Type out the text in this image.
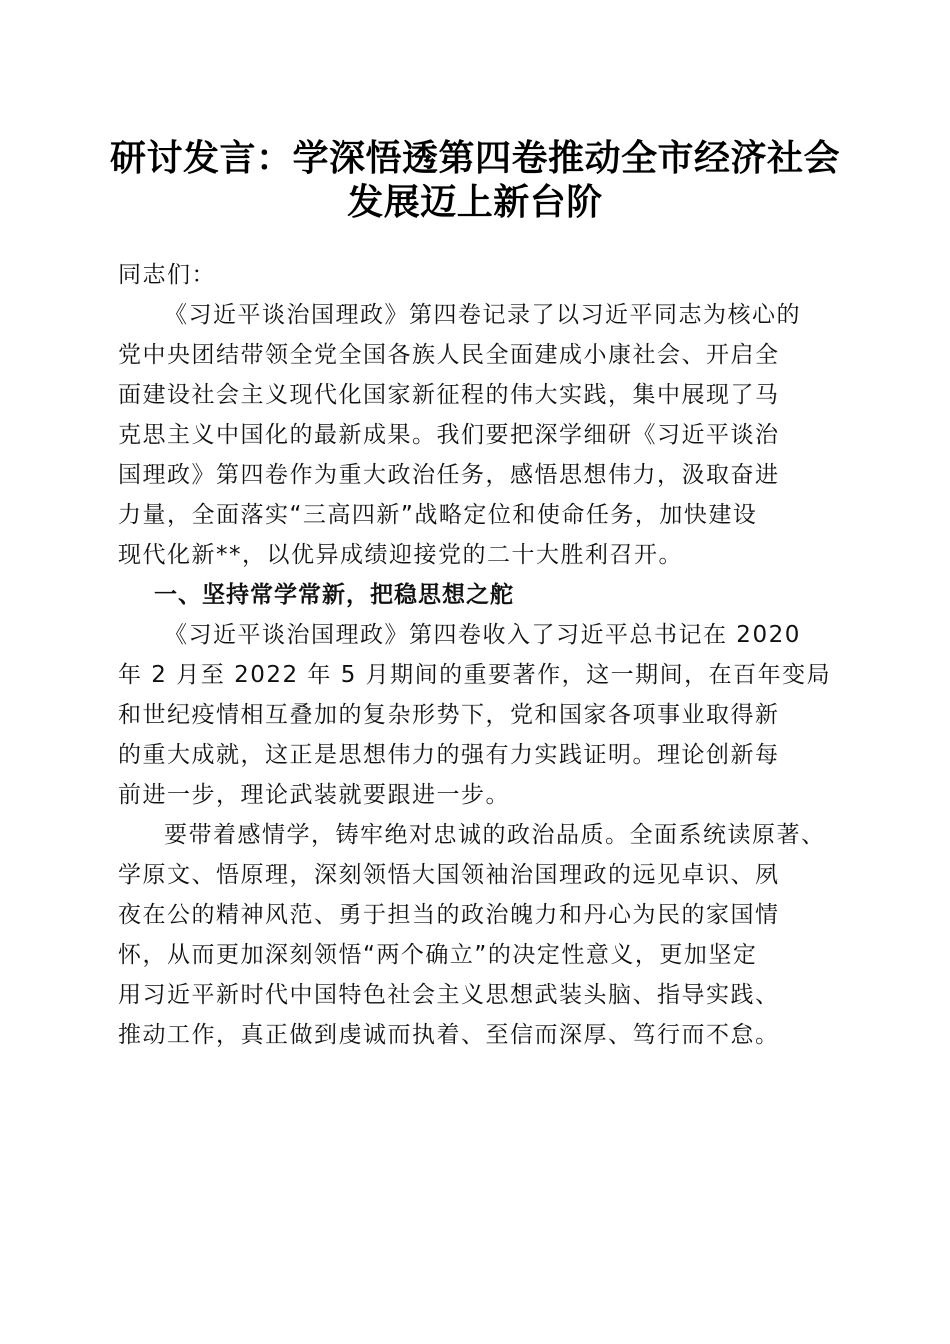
研讨发言：学深悟透第四卷推动全市经济社会
发展迈上新台阶
同志们：
《习近平谈治国理政》第四卷记录了以习近平同志为核心的
党中央团结带领全党全国各族人民全面建成小康社会、开启全
面建设社会主义现代化国家新征程的伟大实践，集中展现了马
克思主义中国化的最新成果。我们要把深学细研《习近平谈治
国理政》第四卷作为重大政治任务，感悟思想伟力，汲取奋进
力量，全面落实“三高四新”战略定位和使命任务，加快建设
现代化新**，以优异成绩迎接党的二十大胜利召开。
一、坚持常学常新，把稳思想之舵
《习近平谈治国理政》第四卷收入了习近平总书记在 2020
年 2 月至 2022 年 5 月期间的重要著作，这一期间，在百年变局
和世纪疫情相互叠加的复杂形势下，党和国家各项事业取得新
的重大成就，这正是思想伟力的强有力实践证明。理论创新每
前进一步，理论武装就要跟进一步。
要带着感情学，铸牢绝对忠诚的政治品质。全面系统读原著、
学原文、悟原理，深刻领悟大国领袖治国理政的远见卓识、夙
夜在公的精神风范、勇于担当的政治魄力和丹心为民的家国情
怀，从而更加深刻领悟“两个确立”的决定性意义，更加坚定
用习近平新时代中国特色社会主义思想武装头脑、指导实践、
推动工作，真正做到虔诚而执着、至信而深厚、笃行而不怠。
